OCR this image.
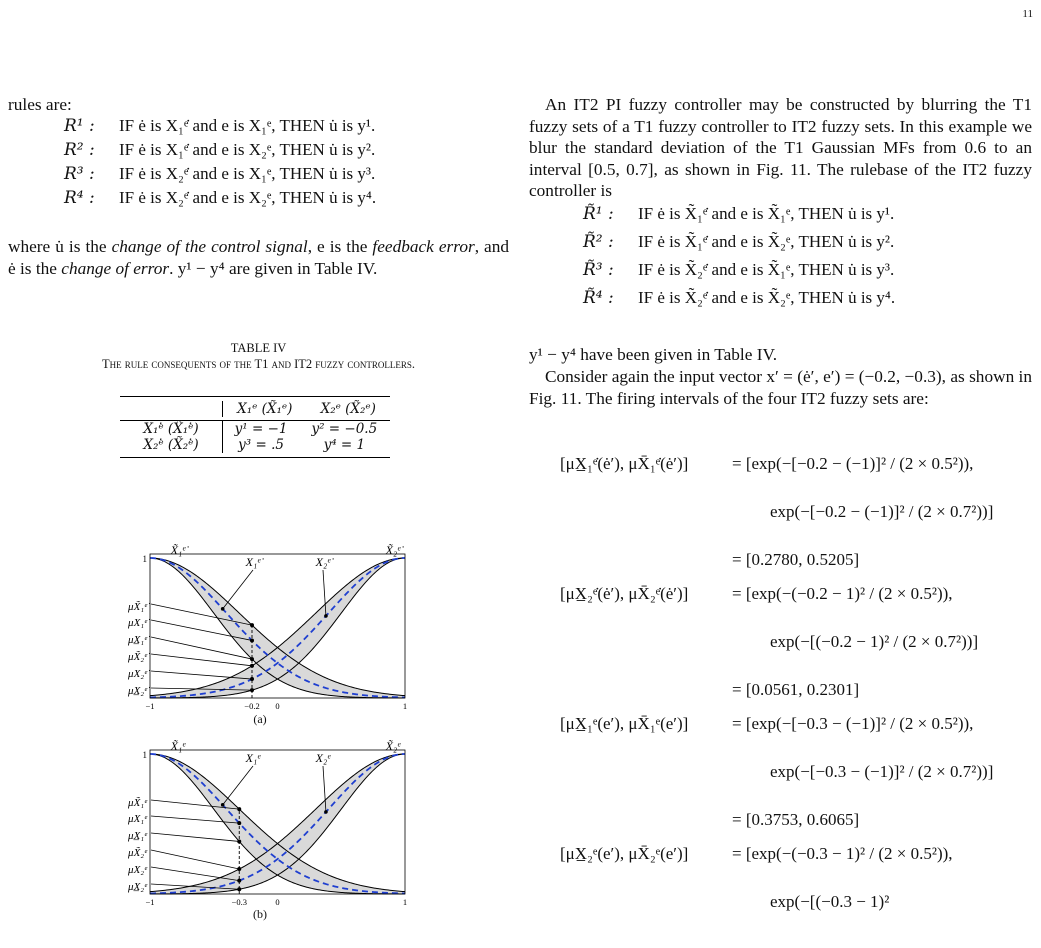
11
rules are:
R¹ : IF ė is X₁ᵉ̇ and e is X₁ᵉ, THEN u̇ is y¹.
R² : IF ė is X₁ᵉ̇ and e is X₂ᵉ, THEN u̇ is y².
R³ : IF ė is X₂ᵉ̇ and e is X₁ᵉ, THEN u̇ is y³.
R⁴ : IF ė is X₂ᵉ̇ and e is X₂ᵉ, THEN u̇ is y⁴.
where u̇ is the change of the control signal, e is the feedback error, and ė is the change of error. y¹ − y⁴ are given in Table IV.
TABLE IV
The rule consequents of the T1 and IT2 fuzzy controllers.
	X₁ᵉ (X̃₁ᵉ)	X₂ᵉ (X̃₂ᵉ)
X₁ᵉ̇ (X̃₁ᵉ̇)	y¹ = −1	y² = −0.5
X₂ᵉ̇ (X̃₂ᵉ̇)	y³ = .5	y⁴ = 1
μX̃₁ᵉ̇
μX₁ᵉ̇
μX̲₁ᵉ̇
μX̃₂ᵉ̇
μX₂ᵉ̇
μX̲₂ᵉ̇
X̃₁ᵉ̇
X₁ᵉ̇	X₂ᵉ̇
X̃₂ᵉ̇
1
−1	−0.2 0	1
(a)
μX̃₁ᵉ
μX₁ᵉ
μX̲₁ᵉ
μX̃₂ᵉ
μX₂ᵉ
μX̲₂ᵉ
X̃₁ᵉ
X₁ᵉ	X₂ᵉ
X̃₂ᵉ
1
−1	−0.3	0	1
(b)
An IT2 PI fuzzy controller may be constructed by blurring the T1 fuzzy sets of a T1 fuzzy controller to IT2 fuzzy sets. In this example we blur the standard deviation of the T1 Gaussian MFs from 0.6 to an interval [0.5, 0.7], as shown in Fig. 11. The rulebase of the IT2 fuzzy controller is
R̃¹ : IF ė is X̃₁ᵉ̇ and e is X̃₁ᵉ, THEN u̇ is y¹.
R̃² : IF ė is X̃₁ᵉ̇ and e is X̃₂ᵉ, THEN u̇ is y².
R̃³ : IF ė is X̃₂ᵉ̇ and e is X̃₁ᵉ, THEN u̇ is y³.
R̃⁴ : IF ė is X̃₂ᵉ̇ and e is X̃₂ᵉ, THEN u̇ is y⁴.
y¹ − y⁴ have been given in Table IV.
Consider again the input vector x′ = (ė′, e′) = (−0.2, −0.3), as shown in Fig. 11. The firing intervals of the four IT2 fuzzy sets are:
[μX̲₁ᵉ̇(ė′), μX̄₁ᵉ̇(ė′)]	= [exp(−[−0.2 − (−1)]² / (2 × 0.5²)),
exp(−[−0.2 − (−1)]² / (2 × 0.7²))]
= [0.2780, 0.5205]
[μX̲₂ᵉ̇(ė′), μX̄₂ᵉ̇(ė′)]	= [exp(−(−0.2 − 1)² / (2 × 0.5²)),
exp(−[(−0.2 − 1)² / (2 × 0.7²))]
= [0.0561, 0.2301]
[μX̲₁ᵉ(e′), μX̄₁ᵉ(e′)]	= [exp(−[−0.3 − (−1)]² / (2 × 0.5²)),
exp(−[−0.3 − (−1)]² / (2 × 0.7²))]
= [0.3753, 0.6065]
[μX̲₂ᵉ(e′), μX̄₂ᵉ(e′)]	= [exp(−(−0.3 − 1)² / (2 × 0.5²)),
exp(−[(−0.3 − 1)²
